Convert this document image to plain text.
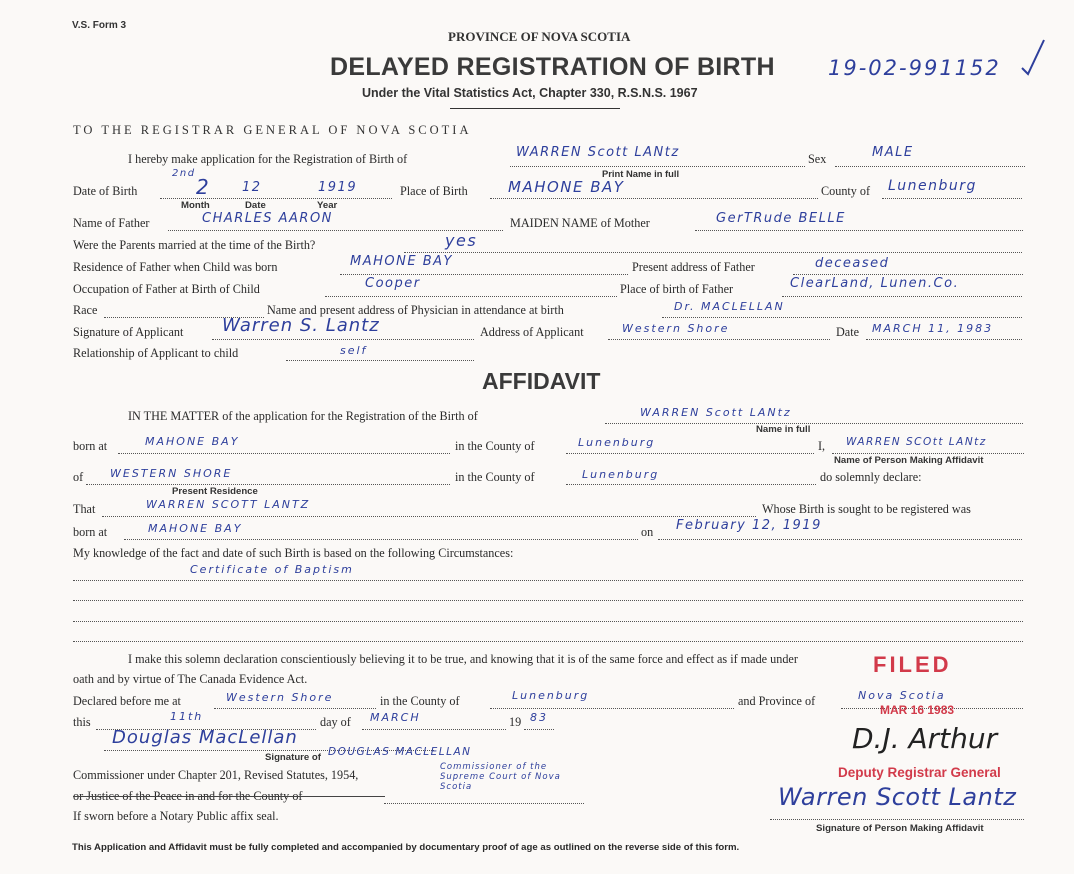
V.S. Form 3
PROVINCE OF NOVA SCOTIA
DELAYED REGISTRATION OF BIRTH	19-02-991152
Under the Vital Statistics Act, Chapter 330, R.S.N.S. 1967
TO THE REGISTRAR GENERAL OF NOVA SCOTIA
I hereby make application for the Registration of Birth of	WARREN Scott LANtz	Sex	MALE
Print Name in full
Date of Birth
2nd
2 12	1919
Month	Date	Year
Place of Birth	MAHONE BAY	County of Lunenburg
Name of Father	CHARLES AARON	MAIDEN NAME of Mother	GerTRude BELLE
Were the Parents married at the time of the Birth?	yes
Residence of Father when Child was born	MAHONE BAY	Present address of Father	deceased
Occupation of Father at Birth of Child	Cooper	Place of birth of Father	ClearLand, Lunen.Co.
Race	Name and present address of Physician in attendance at birth	Dr. MACLELLAN
Signature of Applicant Warren S. Lantz	Address of Applicant	Western Shore	Date MARCH 11, 1983
Relationship of Applicant to child	self
AFFIDAVIT
IN THE MATTER of the application for the Registration of the Birth of	WARREN Scott LANtz
Name in full
born at	MAHONE BAY	in the County of	Lunenburg	I, WARREN SCOtt LANtz
Name of Person Making Affidavit
of WESTERN SHORE
Present Residence
in the County of	Lunenburg	do solemnly declare:
That	WARREN SCOTT LANTZ	Whose Birth is sought to be registered was
born at	MAHONE BAY	on February 12, 1919
My knowledge of the fact and date of such Birth is based on the following Circumstances:
Certificate of Baptism
I make this solemn declaration conscientiously believing it to be true, and knowing that it is of the same force and effect as if made under
oath and by virtue of The Canada Evidence Act.
Declared before me at	Western Shore	in the County of	Lunenburg	and Province of	Nova Scotia
this	11th	day of MARCH	19 83
Douglas MacLellan
Signature of DOUGLAS MACLELLAN
Commissioner under Chapter 201, Revised Statutes, 1954,
Commissioner of the Supreme Court of Nova Scotia
or Justice of the Peace in and for the County of
If sworn before a Notary Public affix seal.
Warren Scott Lantz
Signature of Person Making Affidavit
FILED
MAR 16 1983
D.J. Arthur
Deputy Registrar General
This Application and Affidavit must be fully completed and accompanied by documentary proof of age as outlined on the reverse side of this form.
